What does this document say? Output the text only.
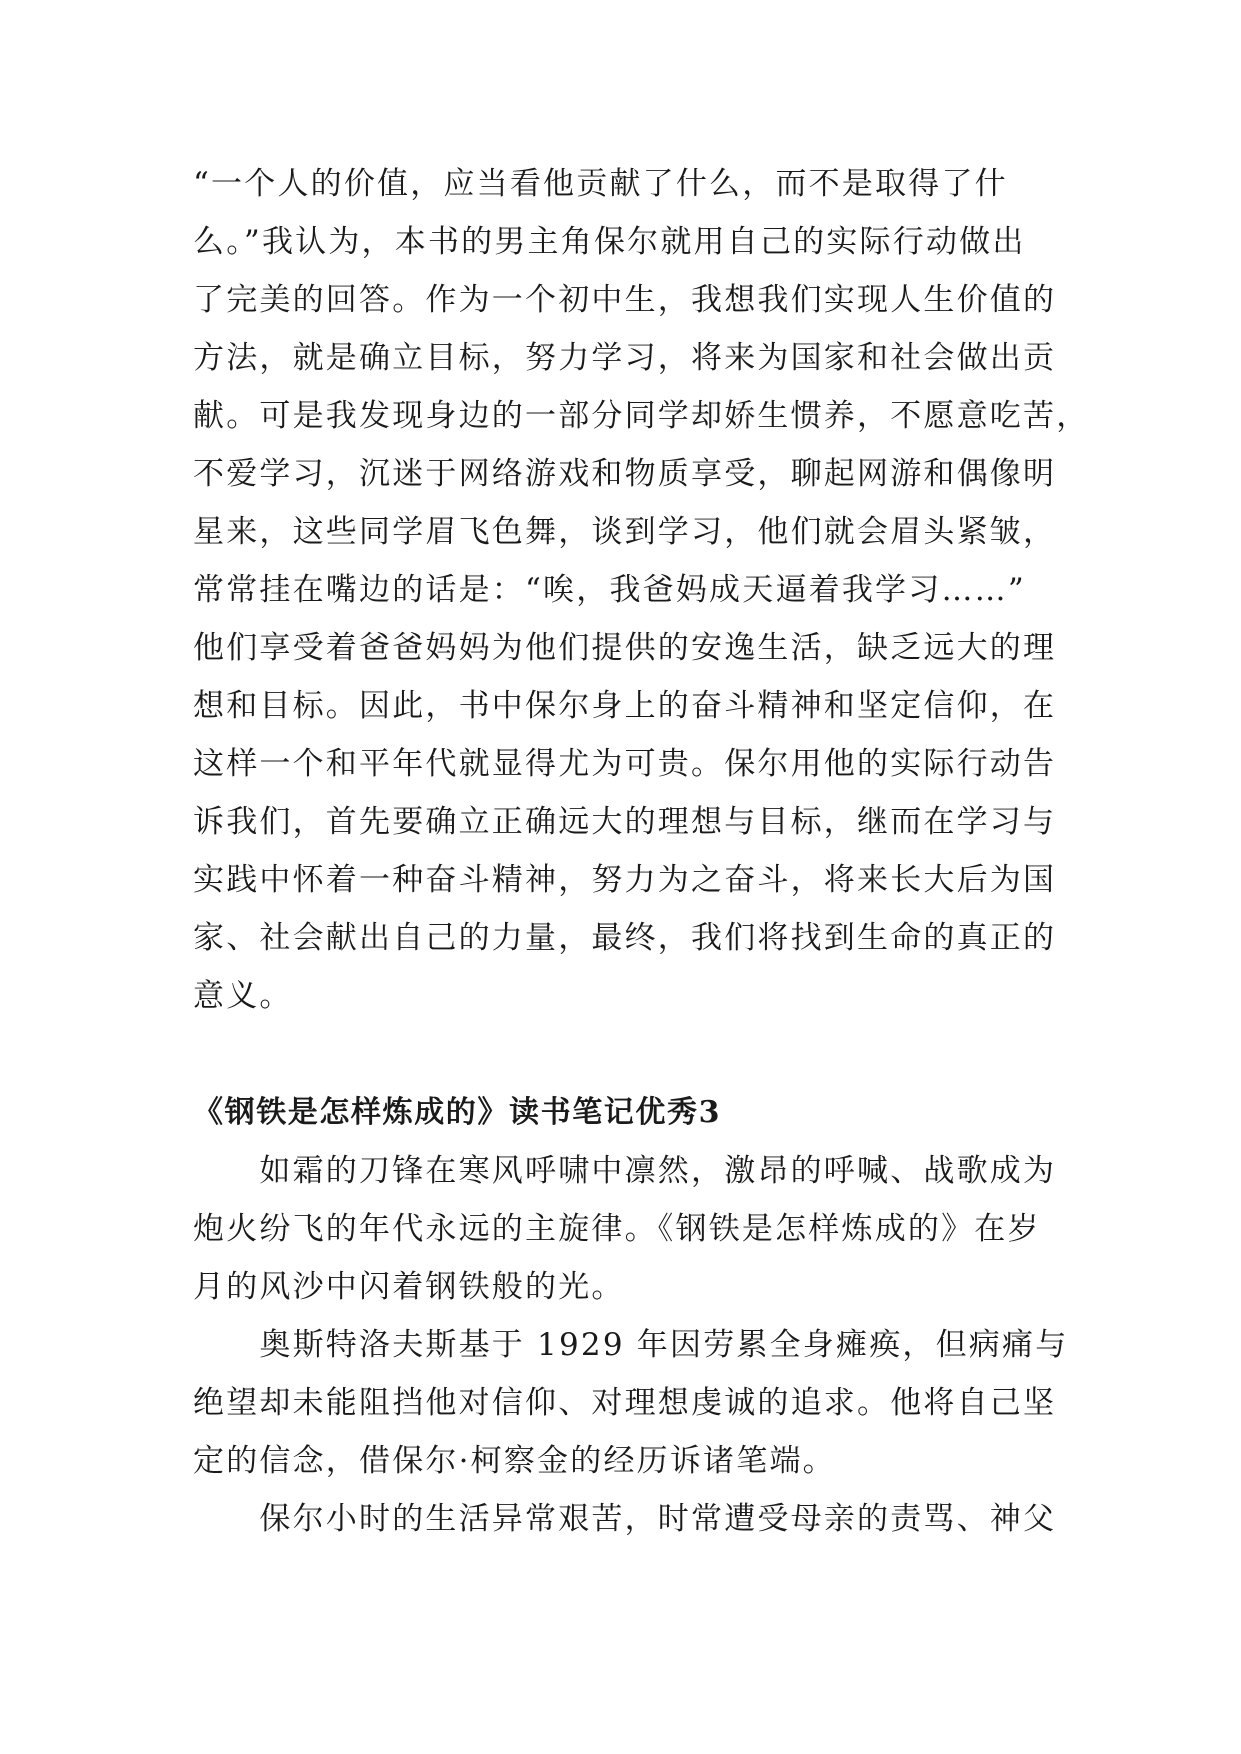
“一个人的价值，应当看他贡献了什么，而不是取得了什
么。”我认为，本书的男主角保尔就用自己的实际行动做出
了完美的回答。作为一个初中生，我想我们实现人生价值的
方法，就是确立目标，努力学习，将来为国家和社会做出贡
献。可是我发现身边的一部分同学却娇生惯养，不愿意吃苦，
不爱学习，沉迷于网络游戏和物质享受，聊起网游和偶像明
星来，这些同学眉飞色舞，谈到学习，他们就会眉头紧皱，
常常挂在嘴边的话是：“唉，我爸妈成天逼着我学习……”
他们享受着爸爸妈妈为他们提供的安逸生活，缺乏远大的理
想和目标。因此，书中保尔身上的奋斗精神和坚定信仰，在
这样一个和平年代就显得尤为可贵。保尔用他的实际行动告
诉我们，首先要确立正确远大的理想与目标，继而在学习与
实践中怀着一种奋斗精神，努力为之奋斗，将来长大后为国
家、社会献出自己的力量，最终，我们将找到生命的真正的
意义。
《钢铁是怎样炼成的》读书笔记优秀3
　　如霜的刀锋在寒风呼啸中凛然，激昂的呼喊、战歌成为
炮火纷飞的年代永远的主旋律。《钢铁是怎样炼成的》在岁
月的风沙中闪着钢铁般的光。
　　奥斯特洛夫斯基于 1929 年因劳累全身瘫痪，但病痛与
绝望却未能阻挡他对信仰、对理想虔诚的追求。他将自己坚
定的信念，借保尔·柯察金的经历诉诸笔端。
　　保尔小时的生活异常艰苦，时常遭受母亲的责骂、神父
